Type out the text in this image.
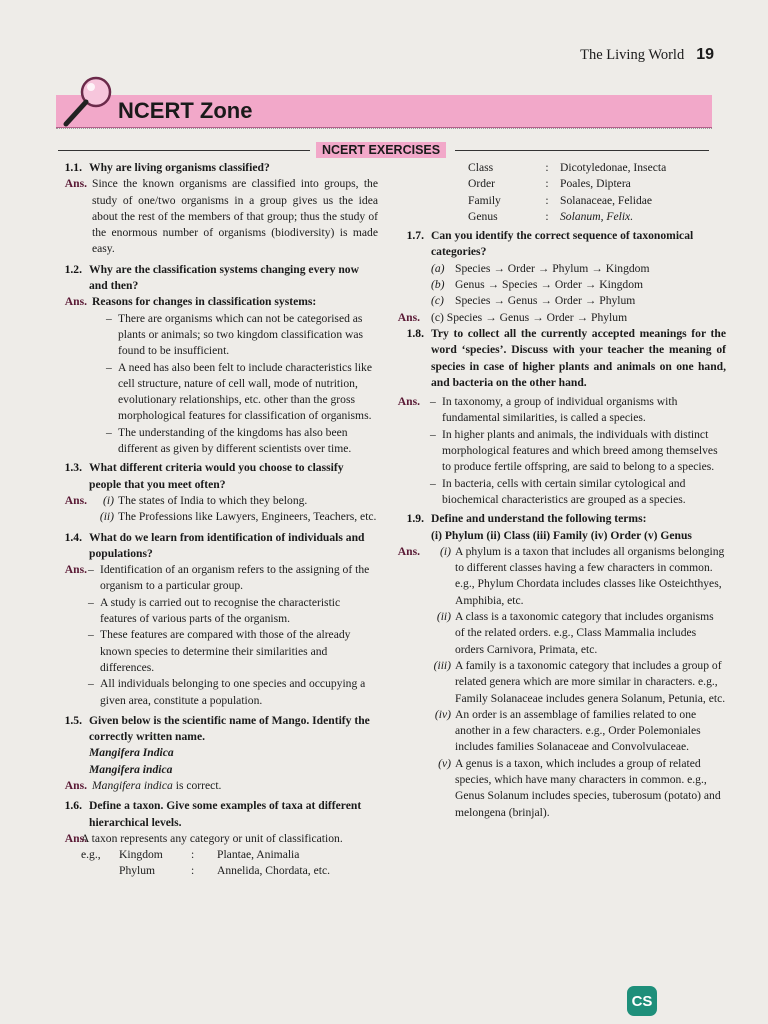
The Living World 19
NCERT Zone
NCERT EXERCISES
1.1. Why are living organisms classified?
Ans. Since the known organisms are classified into groups, the study of one/two organisms in a group gives us the idea about the rest of the members of that group; thus the study of the enormous number of organisms (biodiversity) is made easy.
1.2. Why are the classification systems changing every now and then?
Ans. Reasons for changes in classification systems:
– There are organisms which can not be categorised as plants or animals; so two kingdom classification was found to be insufficient.
– A need has also been felt to include characteristics like cell structure, nature of cell wall, mode of nutrition, evolutionary relationships, etc. other than the gross morphological features for classification of organisms.
– The understanding of the kingdoms has also been different as given by different scientists over time.
1.3. What different criteria would you choose to classify people that you meet often?
Ans.	(i) The states of India to which they belong.
(ii) The Professions like Lawyers, Engineers, Teachers, etc.
1.4. What do we learn from identification of individuals and populations?
Ans.	– Identification of an organism refers to the assigning of the organism to a particular group.
– A study is carried out to recognise the characteristic features of various parts of the organism.
– These features are compared with those of the already known species to determine their similarities and differences.
– All individuals belonging to one species and occupying a given area, constitute a population.
1.5. Given below is the scientific name of Mango. Identify the correctly written name.
Mangifera Indica
Mangifera indica
Ans. Mangifera indica is correct.
1.6. Define a taxon. Give some examples of taxa at different hierarchical levels.
Ans.
A taxon represents any category or unit of classification.
e.g.,	Kingdom	:	Plantae, Animalia
Phylum	:	Annelida, Chordata, etc.
Class	: Dicotyledonae, Insecta
Order	: Poales, Diptera
Family	: Solanaceae, Felidae
Genus	: Solanum, Felix.
1.7. Can you identify the correct sequence of taxonomical categories?
(a) Species → Order → Phylum → Kingdom
(b) Genus → Species → Order → Kingdom
(c) Species → Genus → Order → Phylum
Ans. (c) Species → Genus → Order → Phylum
1.8. Try to collect all the currently accepted meanings for the word ‘species’. Discuss with your teacher the meaning of species in case of higher plants and animals on one hand, and bacteria on the other hand.
Ans.	– In taxonomy, a group of individual organisms with fundamental similarities, is called a species.
– In higher plants and animals, the individuals with distinct morphological features and which breed among themselves to produce fertile offspring, are said to belong to a species.
– In bacteria, cells with certain similar cytological and biochemical characteristics are grouped as a species.
1.9. Define and understand the following terms:
(i) Phylum (ii) Class (iii) Family (iv) Order (v) Genus
Ans.	(i) A phylum is a taxon that includes all organisms belonging to different classes having a few characters in common. e.g., Phylum Chordata includes classes like Osteichthyes, Amphibia, etc.
(ii) A class is a taxonomic category that includes organisms of the related orders. e.g., Class Mammalia includes orders Carnivora, Primata, etc.
(iii) A family is a taxonomic category that includes a group of related genera which are more similar in characters. e.g., Family Solanaceae includes genera Solanum, Petunia, etc.
(iv) An order is an assemblage of families related to one another in a few characters. e.g., Order Polemoniales includes families Solanaceae and Convolvulaceae.
(v) A genus is a taxon, which includes a group of related species, which have many characters in common. e.g., Genus Solanum includes species, tuberosum (potato) and melongena (brinjal).
CS
